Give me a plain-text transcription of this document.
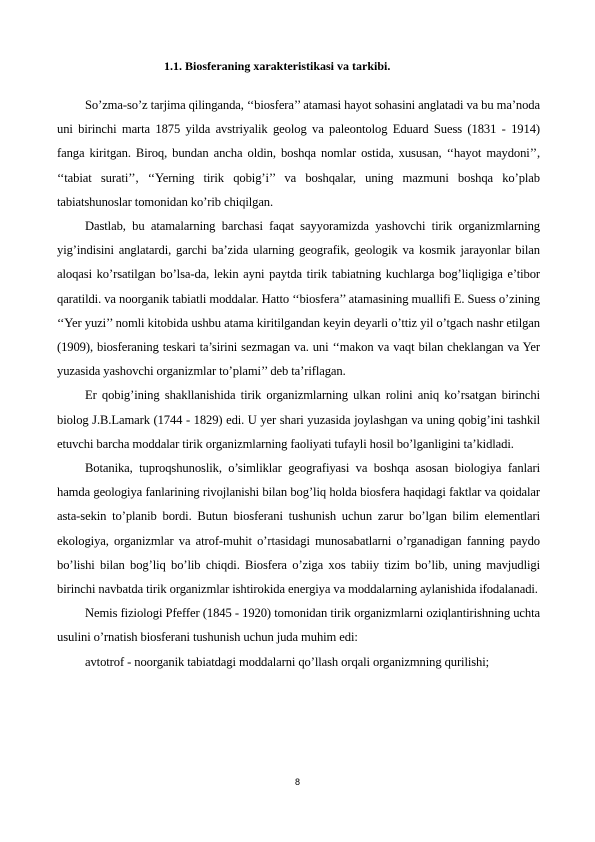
1.1. Biosferaning xarakteristikasi va tarkibi.

So’zma-so’z tarjima qilinganda, ‘‘biosfera’’ atamasi hayot sohasini anglatadi va bu ma’noda uni birinchi marta 1875 yilda avstriyalik geolog va paleontolog Eduard Suess (1831 - 1914) fanga kiritgan. Biroq, bundan ancha oldin, boshqa nomlar ostida, xususan, ‘‘hayot maydoni’’, ‘‘tabiat surati’’, ‘‘Yerning tirik qobig’i’’ va boshqalar, uning mazmuni boshqa ko’plab tabiatshunoslar tomonidan ko’rib chiqilgan.

Dastlab, bu atamalarning barchasi faqat sayyoramizda yashovchi tirik organizmlarning yig’indisini anglatardi, garchi ba’zida ularning geografik, geologik va kosmik jarayonlar bilan aloqasi ko’rsatilgan bo’lsa-da, lekin ayni paytda tirik tabiatning kuchlarga bog’liqligiga e’tibor qaratildi. va noorganik tabiatli moddalar. Hatto ‘‘biosfera’’ atamasining muallifi E. Suess o’zining ‘‘Yer yuzi’’ nomli kitobida ushbu atama kiritilgandan keyin deyarli o’ttiz yil o’tgach nashr etilgan (1909), biosferaning teskari ta’sirini sezmagan va. uni ‘‘makon va vaqt bilan cheklangan va Yer yuzasida yashovchi organizmlar to’plami’’ deb ta’riflagan.

Er qobig’ining shakllanishida tirik organizmlarning ulkan rolini aniq ko’rsatgan birinchi biolog J.B.Lamark (1744 - 1829) edi. U yer shari yuzasida joylashgan va uning qobig’ini tashkil etuvchi barcha moddalar tirik organizmlarning faoliyati tufayli hosil bo’lganligini ta’kidladi.

Botanika, tuproqshunoslik, o’simliklar geografiyasi va boshqa asosan biologiya fanlari hamda geologiya fanlarining rivojlanishi bilan bog’liq holda biosfera haqidagi faktlar va qoidalar asta-sekin to’planib bordi. Butun biosferani tushunish uchun zarur bo’lgan bilim elementlari ekologiya, organizmlar va atrof-muhit o’rtasidagi munosabatlarni o’rganadigan fanning paydo bo’lishi bilan bog’liq bo’lib chiqdi. Biosfera o’ziga xos tabiiy tizim bo’lib, uning mavjudligi birinchi navbatda tirik organizmlar ishtirokida energiya va moddalarning aylanishida ifodalanadi.

Nemis fiziologi Pfeffer (1845 - 1920) tomonidan tirik organizmlarni oziqlantirishning uchta usulini o’rnatish biosferani tushunish uchun juda muhim edi:

avtotrof - noorganik tabiatdagi moddalarni qo’llash orqali organizmning qurilishi;

8
